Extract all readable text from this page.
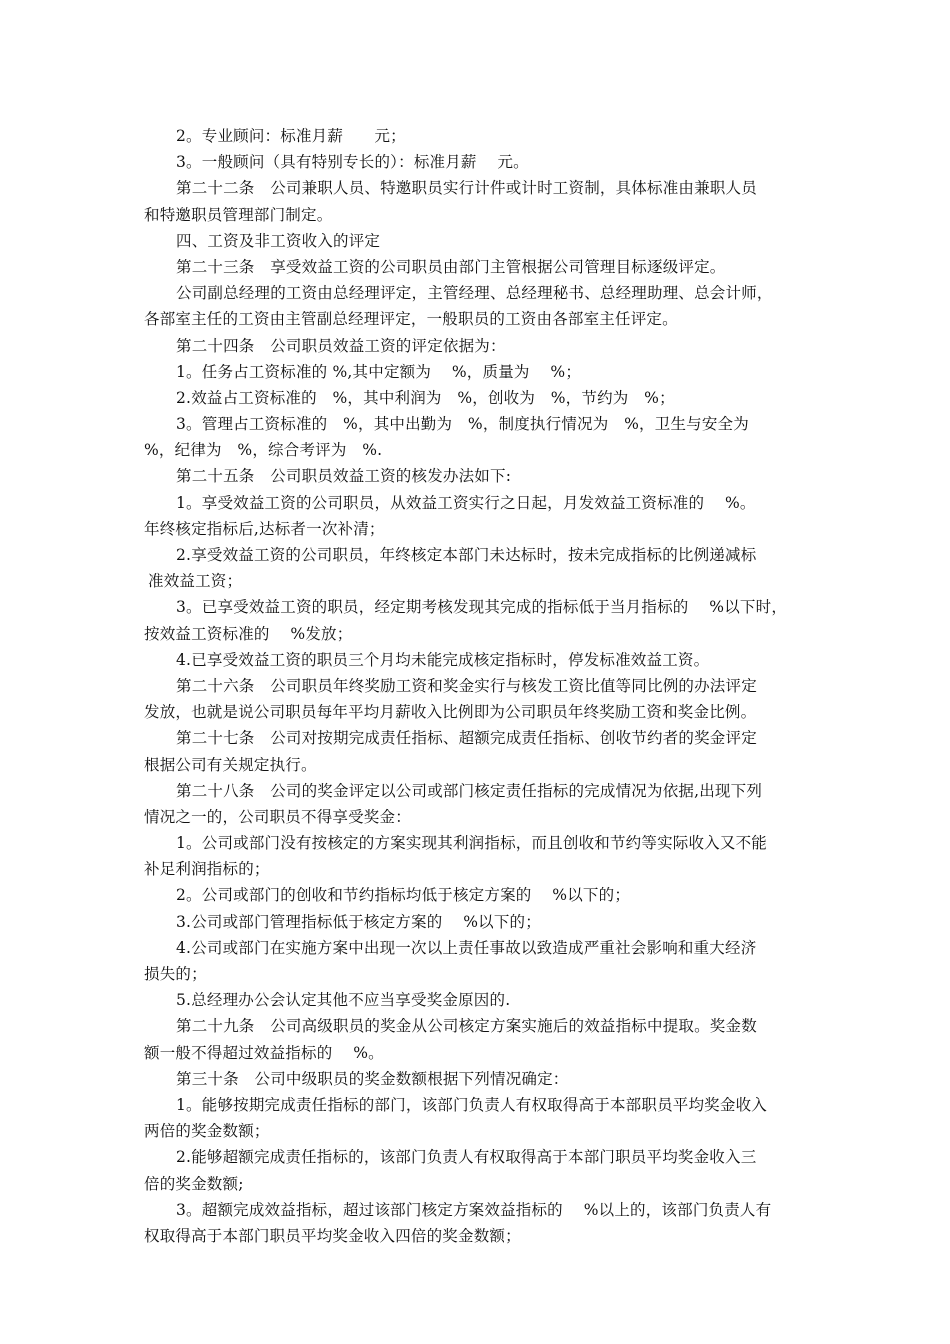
2。专业顾问：标准月薪　　元；
3。一般顾问（具有特别专长的）：标准月薪　 元。
第二十二条　公司兼职人员、特邀职员实行计件或计时工资制，具体标准由兼职人员
和特邀职员管理部门制定。
四、工资及非工资收入的评定
第二十三条　享受效益工资的公司职员由部门主管根据公司管理目标逐级评定。
公司副总经理的工资由总经理评定，主管经理、总经理秘书、总经理助理、总会计师，
各部室主任的工资由主管副总经理评定，一般职员的工资由各部室主任评定。
第二十四条　公司职员效益工资的评定依据为：
1。任务占工资标准的 %,其中定额为　 %，质量为　 %；
2.效益占工资标准的　%，其中利润为　%，创收为　%，节约为　%；
3。管理占工资标准的　%，其中出勤为　%，制度执行情况为　%，卫生与安全为
%，纪律为　%，综合考评为　%.
第二十五条　公司职员效益工资的核发办法如下:
1。享受效益工资的公司职员，从效益工资实行之日起，月发效益工资标准的　 %。
年终核定指标后,达标者一次补清；
2.享受效益工资的公司职员，年终核定本部门未达标时，按未完成指标的比例递减标
准效益工资；
3。已享受效益工资的职员，经定期考核发现其完成的指标低于当月指标的　 %以下时，
按效益工资标准的　 %发放；
4.已享受效益工资的职员三个月均未能完成核定指标时，停发标准效益工资。
第二十六条　公司职员年终奖励工资和奖金实行与核发工资比值等同比例的办法评定
发放，也就是说公司职员每年平均月薪收入比例即为公司职员年终奖励工资和奖金比例。
第二十七条　公司对按期完成责任指标、超额完成责任指标、创收节约者的奖金评定
根据公司有关规定执行。
第二十八条　公司的奖金评定以公司或部门核定责任指标的完成情况为依据,出现下列
情况之一的，公司职员不得享受奖金：
1。公司或部门没有按核定的方案实现其利润指标，而且创收和节约等实际收入又不能
补足利润指标的；
2。公司或部门的创收和节约指标均低于核定方案的　 %以下的；
3.公司或部门管理指标低于核定方案的　 %以下的；
4.公司或部门在实施方案中出现一次以上责任事故以致造成严重社会影响和重大经济
损失的；
5.总经理办公会认定其他不应当享受奖金原因的.
第二十九条　公司高级职员的奖金从公司核定方案实施后的效益指标中提取。奖金数
额一般不得超过效益指标的　 %。
第三十条　公司中级职员的奖金数额根据下列情况确定：
1。能够按期完成责任指标的部门，该部门负责人有权取得高于本部职员平均奖金收入
两倍的奖金数额；
2.能够超额完成责任指标的，该部门负责人有权取得高于本部门职员平均奖金收入三
倍的奖金数额;
3。超额完成效益指标，超过该部门核定方案效益指标的　 %以上的，该部门负责人有
权取得高于本部门职员平均奖金收入四倍的奖金数额；
